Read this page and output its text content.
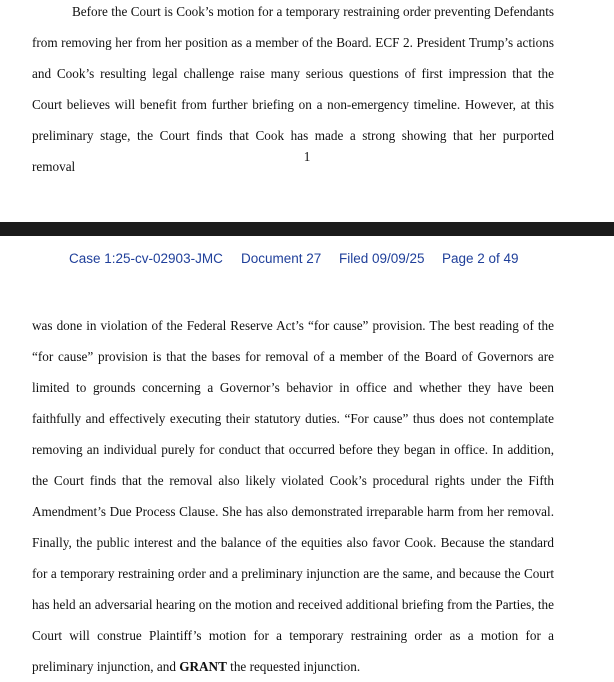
Before the Court is Cook’s motion for a temporary restraining order preventing Defendants from removing her from her position as a member of the Board. ECF 2. President Trump’s actions and Cook’s resulting legal challenge raise many serious questions of first impression that the Court believes will benefit from further briefing on a non-emergency timeline. However, at this preliminary stage, the Court finds that Cook has made a strong showing that her purported removal

1
Case 1:25-cv-02903-JMC Document 27 Filed 09/09/25 Page 2 of 49

was done in violation of the Federal Reserve Act’s “for cause” provision. The best reading of the “for cause” provision is that the bases for removal of a member of the Board of Governors are limited to grounds concerning a Governor’s behavior in office and whether they have been faithfully and effectively executing their statutory duties. “For cause” thus does not contemplate removing an individual purely for conduct that occurred before they began in office. In addition, the Court finds that the removal also likely violated Cook’s procedural rights under the Fifth Amendment’s Due Process Clause. She has also demonstrated irreparable harm from her removal. Finally, the public interest and the balance of the equities also favor Cook. Because the standard for a temporary restraining order and a preliminary injunction are the same, and because the Court has held an adversarial hearing on the motion and received additional briefing from the Parties, the Court will construe Plaintiff’s motion for a temporary restraining order as a motion for a preliminary injunction, and GRANT the requested injunction.
